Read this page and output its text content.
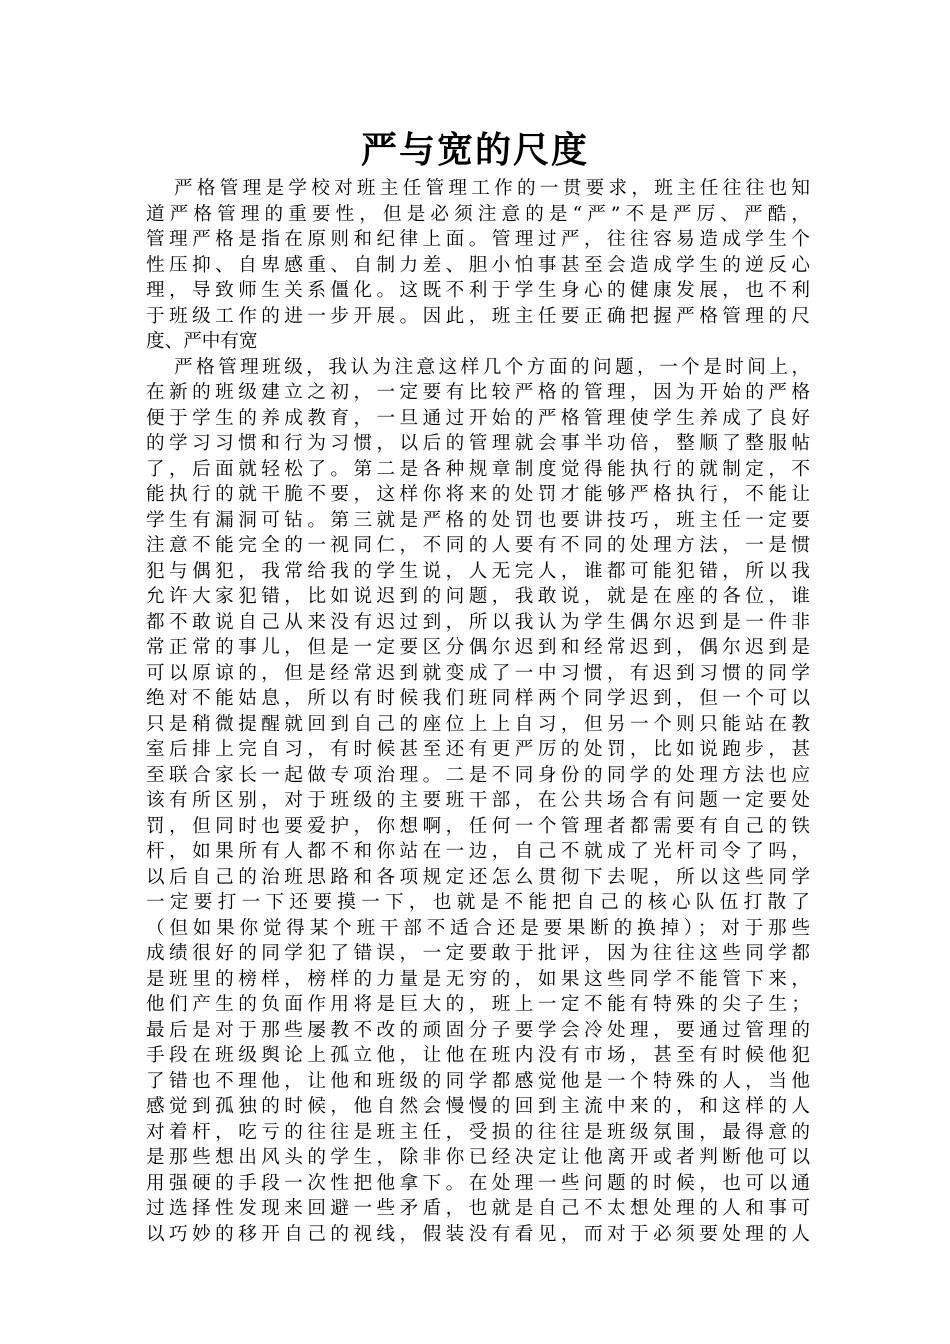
严与宽的尺度
严格管理是学校对班主任管理工作的一贯要求，班主任往往也知
道严格管理的重要性，但是必须注意的是“严”不是严厉、严酷，
管理严格是指在原则和纪律上面。管理过严，往往容易造成学生个
性压抑、自卑感重、自制力差、胆小怕事甚至会造成学生的逆反心
理，导致师生关系僵化。这既不利于学生身心的健康发展，也不利
于班级工作的进一步开展。因此，班主任要正确把握严格管理的尺
度、严中有宽
严格管理班级，我认为注意这样几个方面的问题，一个是时间上，
在新的班级建立之初，一定要有比较严格的管理，因为开始的严格
便于学生的养成教育，一旦通过开始的严格管理使学生养成了良好
的学习习惯和行为习惯，以后的管理就会事半功倍，整顺了整服帖
了，后面就轻松了。第二是各种规章制度觉得能执行的就制定，不
能执行的就干脆不要，这样你将来的处罚才能够严格执行，不能让
学生有漏洞可钻。第三就是严格的处罚也要讲技巧，班主任一定要
注意不能完全的一视同仁，不同的人要有不同的处理方法，一是惯
犯与偶犯，我常给我的学生说，人无完人，谁都可能犯错，所以我
允许大家犯错，比如说迟到的问题，我敢说，就是在座的各位，谁
都不敢说自己从来没有迟过到，所以我认为学生偶尔迟到是一件非
常正常的事儿，但是一定要区分偶尔迟到和经常迟到，偶尔迟到是
可以原谅的，但是经常迟到就变成了一中习惯，有迟到习惯的同学
绝对不能姑息，所以有时候我们班同样两个同学迟到，但一个可以
只是稍微提醒就回到自己的座位上上自习，但另一个则只能站在教
室后排上完自习，有时候甚至还有更严厉的处罚，比如说跑步，甚
至联合家长一起做专项治理。二是不同身份的同学的处理方法也应
该有所区别，对于班级的主要班干部，在公共场合有问题一定要处
罚，但同时也要爱护，你想啊，任何一个管理者都需要有自己的铁
杆，如果所有人都不和你站在一边，自己不就成了光杆司令了吗，
以后自己的治班思路和各项规定还怎么贯彻下去呢，所以这些同学
一定要打一下还要摸一下，也就是不能把自己的核心队伍打散了
（但如果你觉得某个班干部不适合还是要果断的换掉）；对于那些
成绩很好的同学犯了错误，一定要敢于批评，因为往往这些同学都
是班里的榜样，榜样的力量是无穷的，如果这些同学不能管下来，
他们产生的负面作用将是巨大的，班上一定不能有特殊的尖子生；
最后是对于那些屡教不改的顽固分子要学会冷处理，要通过管理的
手段在班级舆论上孤立他，让他在班内没有市场，甚至有时候他犯
了错也不理他，让他和班级的同学都感觉他是一个特殊的人，当他
感觉到孤独的时候，他自然会慢慢的回到主流中来的，和这样的人
对着杆，吃亏的往往是班主任，受损的往往是班级氛围，最得意的
是那些想出风头的学生，除非你已经决定让他离开或者判断他可以
用强硬的手段一次性把他拿下。在处理一些问题的时候，也可以通
过选择性发现来回避一些矛盾，也就是自己不太想处理的人和事可
以巧妙的移开自己的视线，假装没有看见，而对于必须要处理的人
